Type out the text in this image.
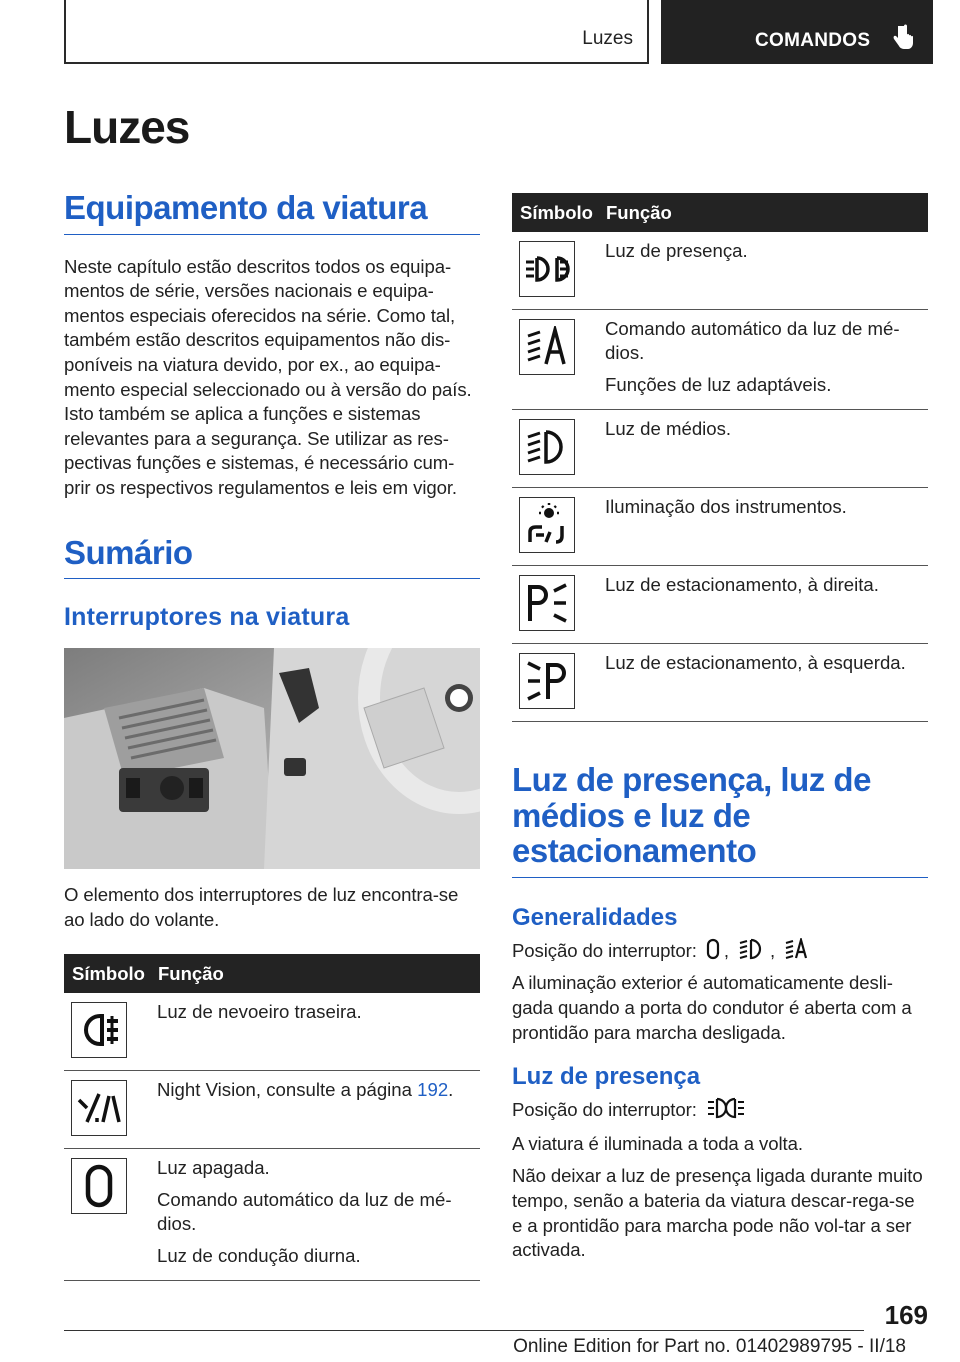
Luzes	COMANDOS
Luzes
Equipamento da viatura

Neste capítulo estão descritos todos os equipa-mentos de série, versões nacionais e equipa-mentos especiais oferecidos na série. Como tal, também estão descritos equipamentos não dis-poníveis na viatura devido, por ex., ao equipa-mento especial seleccionado ou à versão do país. Isto também se aplica a funções e sistemas relevantes para a segurança. Se utilizar as res-pectivas funções e sistemas, é necessário cum-prir os respectivos regulamentos e leis em vigor.

Sumário
Interruptores na viatura

O elemento dos interruptores de luz encontra-se ao lado do volante.

Símbolo	Função

Luz de nevoeiro traseira.

Night Vision, consulte a página 192.

Luz apagada.
Comando automático da luz de mé-dios.
Luz de condução diurna.
Símbolo	Função

Luz de presença.

Comando automático da luz de mé-dios.
Funções de luz adaptáveis.

Luz de médios.

Iluminação dos instrumentos.

Luz de estacionamento, à direita.

Luz de estacionamento, à esquerda.
Luz de presença, luz de médios e luz de estacionamento
Generalidades

Posição do interruptor: , ,

A iluminação exterior é automaticamente desli-gada quando a porta do condutor é aberta com a prontidão para marcha desligada.

Luz de presença

Posição do interruptor:

A viatura é iluminada a toda a volta.

Não deixar a luz de presença ligada durante muito tempo, senão a bateria da viatura descar-rega-se e a prontidão para marcha pode não vol-tar a ser activada.

169
Online Edition for Part no. 01402989795 - II/18
